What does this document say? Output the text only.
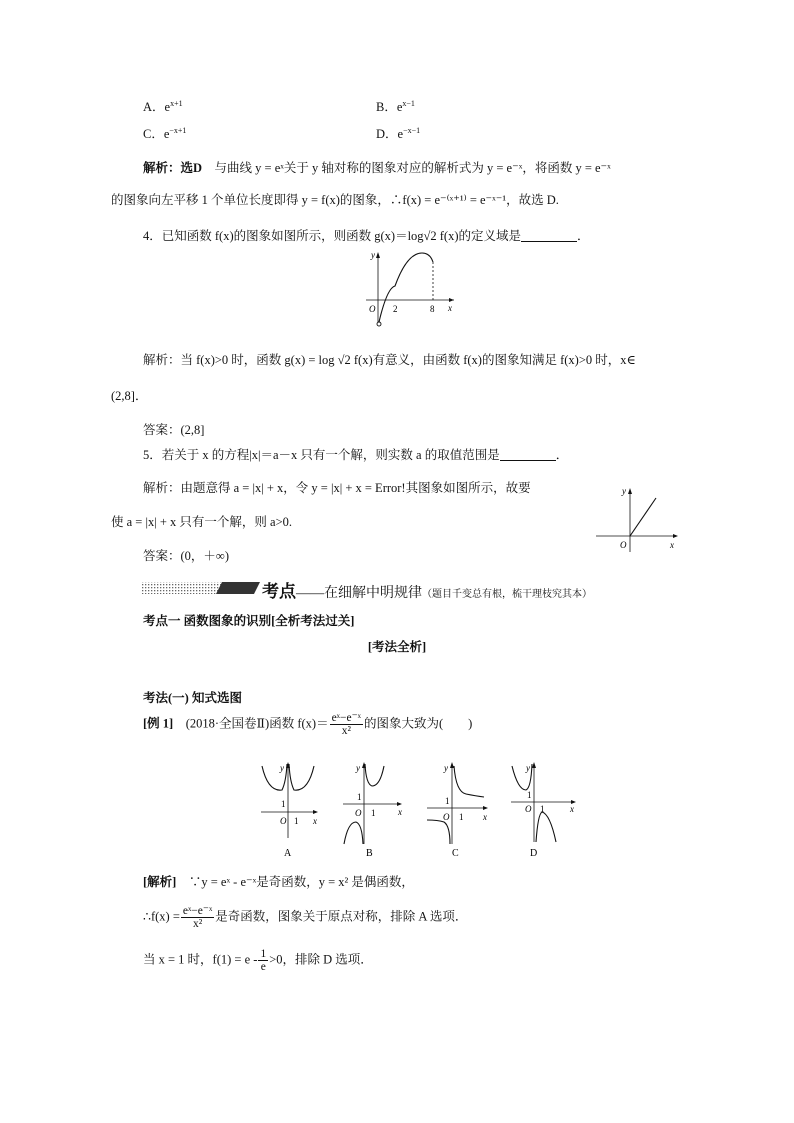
A．$e^{x+1}$	B．$e^{x-1}$
C．$e^{-x+1}$	D．$e^{-x-1}$
解析：选D　 与曲线 y = eˣ关于 y 轴对称的图象对应的解析式为 y = e⁻ˣ，将函数 y = e⁻ˣ
的图象向左平移 1 个单位长度即得 y = f(x)的图象，∴f(x) = e⁻⁽ˣ⁺¹⁾ = e⁻ˣ⁻¹，故选 D.
4．已知函数 f(x)的图象如图所示，则函数 g(x)＝log√2 f(x)的定义域是	．
y
O 2	8 x
解析：当 f(x)>0 时，函数 g(x) = log √2 f(x)有意义，由函数 f(x)的图象知满足 f(x)>0 时，x∈
(2,8]．
答案：(2,8]
5．若关于 x 的方程|x|＝a－x 只有一个解，则实数 a 的取值范围是	．
解析：由题意得 a = |x| + x，令 y = |x| + x = Error!其图象如图所示，故要
使 a = |x| + x 只有一个解，则 a>0.
答案：(0，＋∞)
y
O	x
考点——在细解中明规律（题目千变总有根，梳干理枝究其本）
考点一 函数图象的识别[全析考法过关]
[考法全析]
考法(一) 知式选图
[例 1]　 (2018·全国卷Ⅱ)函数 $f(x)= \frac{\text{eˣ−e⁻ˣ}}{\text{x²}}$ 的图象大致为(　　)
y
1
O 1 x
A
y
1
O 1	x
B
y
1
O 1 x
C
y
1
O 1	x
D
[解析]　 ∵y = eˣ - e⁻ˣ是奇函数，y = x² 是偶函数，
∴f(x) = $\frac{\text{eˣ−e⁻ˣ}}{\text{x²}}$ 是奇函数，图象关于原点对称，排除 A 选项．
当 x = 1 时，$f(1) = e - \frac{1}{e} >0$，排除 D 选项．
